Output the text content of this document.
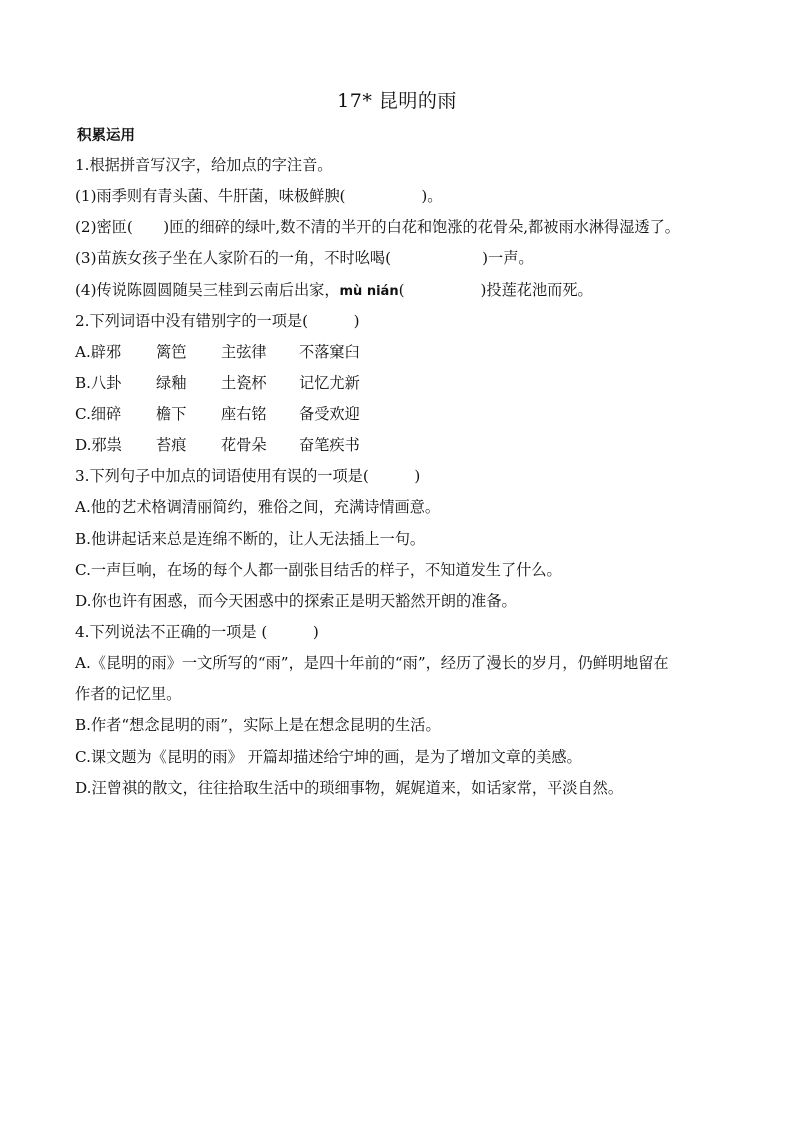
17* 昆明的雨
积累运用
1.根据拼音写汉字，给加点的字注音。
(1)雨季则有青头菌、牛肝菌，味极鲜腴(　　　　　)。
(2)密匝(　　)匝的细碎的绿叶,数不清的半开的白花和饱涨的花骨朵,都被雨水淋得湿透了。
(3)苗族女孩子坐在人家阶石的一角，不时吆喝(　　　　　　)一声。
(4)传说陈圆圆随吴三桂到云南后出家，mù nián(　　　　　)投莲花池而死。
2.下列词语中没有错别字的一项是(　　　)
A.辟邪 篱笆 主弦律 不落窠臼
B.八卦 绿釉 土瓷杯 记忆尤新
C.细碎 檐下 座右铭 备受欢迎
D.邪祟 苔痕 花骨朵 奋笔疾书
3.下列句子中加点的词语使用有误的一项是(　　　)
A.他的艺术格调清丽简约，雅俗之间，充满诗情画意。
B.他讲起话来总是连绵不断的，让人无法插上一句。
C.一声巨响，在场的每个人都一副张目结舌的样子，不知道发生了什么。
D.你也许有困惑，而今天困惑中的探索正是明天豁然开朗的准备。
4.下列说法不正确的一项是 (　　　)
A.《昆明的雨》一文所写的“雨”，是四十年前的“雨”，经历了漫长的岁月，仍鲜明地留在
作者的记忆里。
B.作者“想念昆明的雨”，实际上是在想念昆明的生活。
C.课文题为《昆明的雨》 开篇却描述给宁坤的画，是为了增加文章的美感。
D.汪曾祺的散文，往往拾取生活中的琐细事物，娓娓道来，如话家常，平淡自然。
